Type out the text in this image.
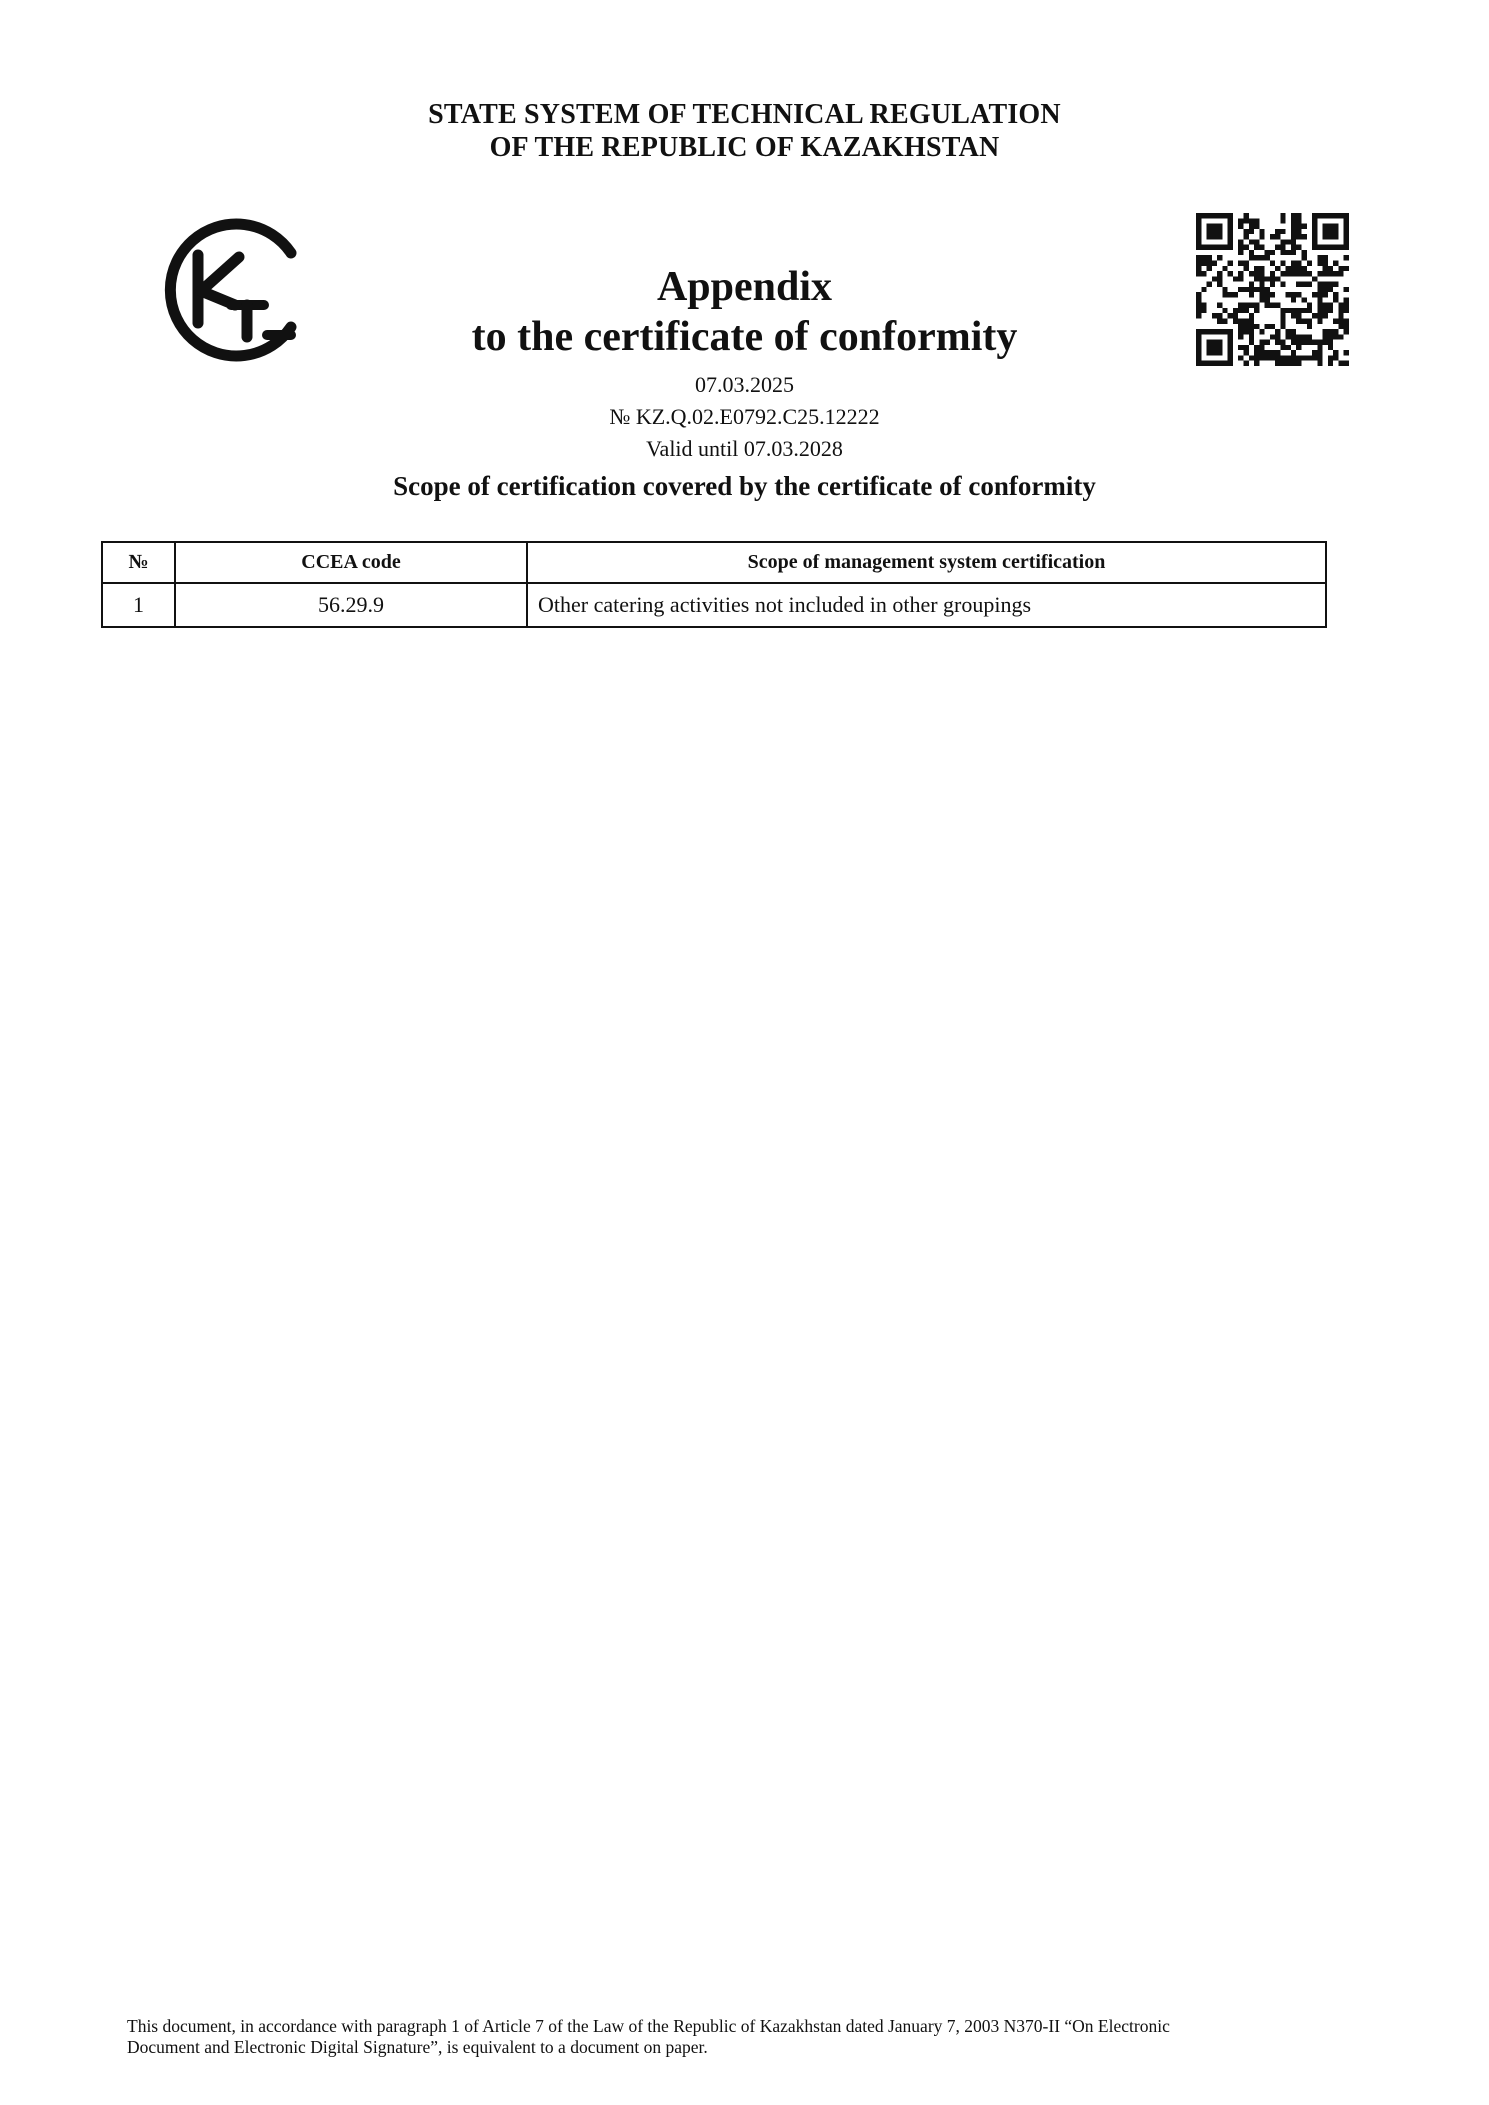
STATE SYSTEM OF TECHNICAL REGULATION
OF THE REPUBLIC OF KAZAKHSTAN
Appendix
to the certificate of conformity
07.03.2025
№ KZ.Q.02.E0792.C25.12222
Valid until 07.03.2028
Scope of certification covered by the certificate of conformity
№	CCEA code	Scope of management system certification
1	56.29.9	Other catering activities not included in other groupings
This document, in accordance with paragraph 1 of Article 7 of the Law of the Republic of Kazakhstan dated January 7, 2003 N370-II “On Electronic
Document and Electronic Digital Signature”, is equivalent to a document on paper.
